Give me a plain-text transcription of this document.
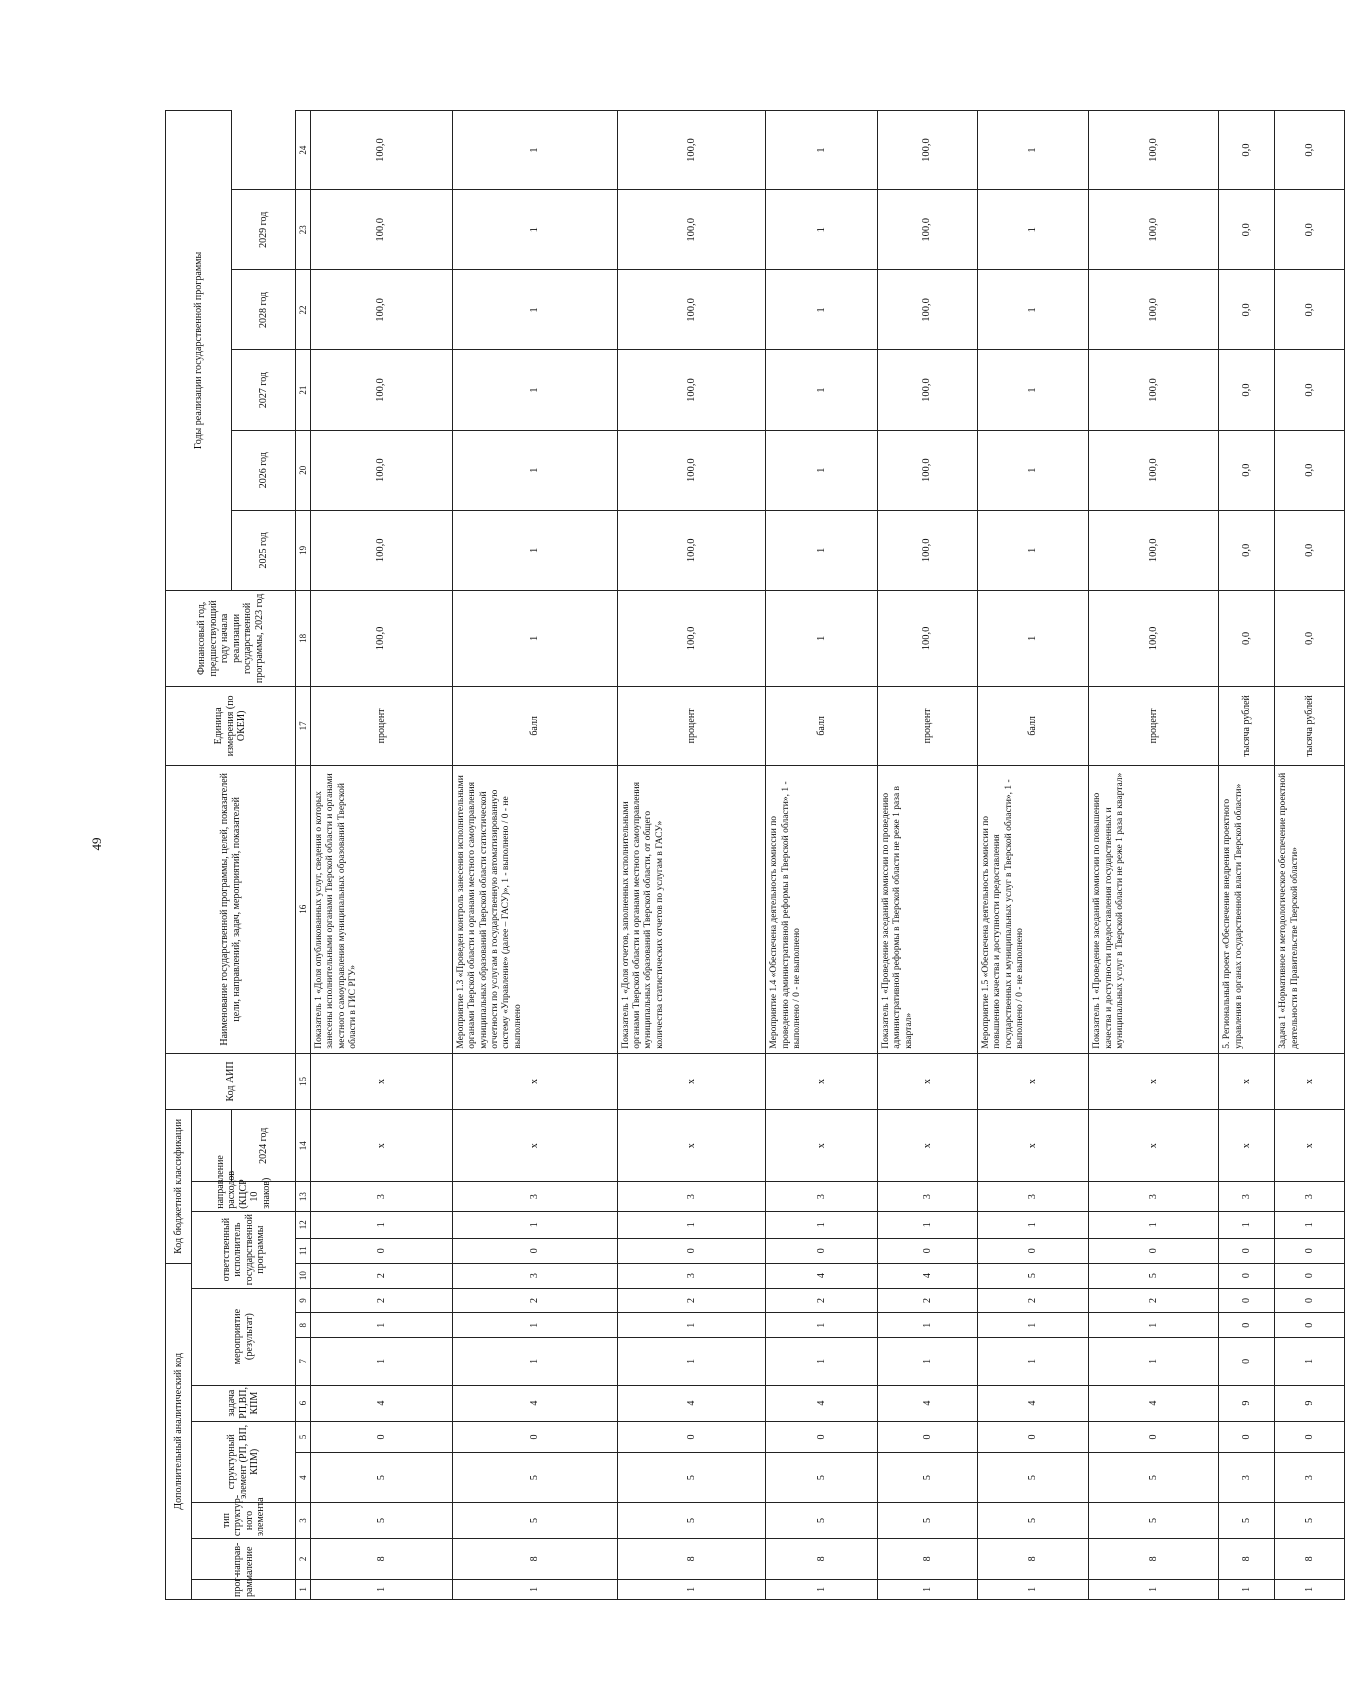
49
Дополнительный аналитический код										Код бюджетной классификации				Код АИП	Наименование государственной программы, целей, показателей цели, направлений, задач, мероприятий, показателей	Единица измерения (по ОКЕИ)	Финансовый год, предшествующий году начала реализации государственной программы, 2023 год	Годы реализации государственной программы					
прог-рамма	направ-ление	тип структур-ного элемента	структурный элемент (РП, ВП, КПМ)		задача РП,ВП, КПМ	мероприятие (результат)			ответственный исполнитель государственной программы			направление расходов (КЦСР 10 знаков)											
													2024 год					2025 год	2026 год	2027 год	2028 год	2029 год	
1	2	3	4	5	6	7	8	9	10	11	12	13	14	15	16	17	18	19	20	21	22	23	24
1	8	5	5	0	4	1	1	2	2	0	1	3	х	х	Показатель 1 «Доля опубликованных услуг, сведения о которых занесены исполнительными органами Тверской области и органами местного самоуправления муниципальных образований Тверской области в ГИС РГУ»	процент	100,0	100,0	100,0	100,0	100,0	100,0	100,0
1	8	5	5	0	4	1	1	2	3	0	1	3	х	х	Мероприятие 1.3 «Проведен контроль занесения исполнительными органами Тверской области и органами местного самоуправления муниципальных образований Тверской области статистической отчетности по услугам в государственную автоматизированную систему «Управление» (далее – ГАСУ)», 1 - выполнено / 0 - не выполнено	балл	1	1	1	1	1	1	1
1	8	5	5	0	4	1	1	2	3	0	1	3	х	х	Показатель 1 «Доля отчетов, заполненных исполнительными органами Тверской области и органами местного самоуправления муниципальных образований Тверской области, от общего количества статистических отчетов по услугам в ГАСУ»	процент	100,0	100,0	100,0	100,0	100,0	100,0	100,0
1	8	5	5	0	4	1	1	2	4	0	1	3	х	х	Мероприятие 1.4 «Обеспечена деятельность комиссии по проведению административной реформы в Тверской области», 1 - выполнено / 0 - не выполнено	балл	1	1	1	1	1	1	1
1	8	5	5	0	4	1	1	2	4	0	1	3	х	х	Показатель 1 «Проведение заседаний комиссии по проведению административной реформы в Тверской области не реже 1 раза в квартал»	процент	100,0	100,0	100,0	100,0	100,0	100,0	100,0
1	8	5	5	0	4	1	1	2	5	0	1	3	х	х	Мероприятие 1.5 «Обеспечена деятельность комиссии по повышению качества и доступности предоставления государственных и муниципальных услуг в Тверской области», 1 - выполнено / 0 - не выполнено	балл	1	1	1	1	1	1	1
1	8	5	5	0	4	1	1	2	5	0	1	3	х	х	Показатель 1 «Проведение заседаний комиссии по повышению качества и доступности предоставления государственных и муниципальных услуг в Тверской области не реже 1 раза в квартал»	процент	100,0	100,0	100,0	100,0	100,0	100,0	100,0
1	8	5	3	0	9	0	0	0	0	0	1	3	х	х	5. Региональный проект «Обеспечение внедрения проектного управления в органах государственной власти Тверской области»	тысяча рублей	0,0	0,0	0,0	0,0	0,0	0,0	0,0
1	8	5	3	0	9	1	0	0	0	0	1	3	х	х	Задача 1 «Нормативное и методологическое обеспечение проектной деятельности в Правительстве Тверской области»	тысяча рублей	0,0	0,0	0,0	0,0	0,0	0,0	0,0
